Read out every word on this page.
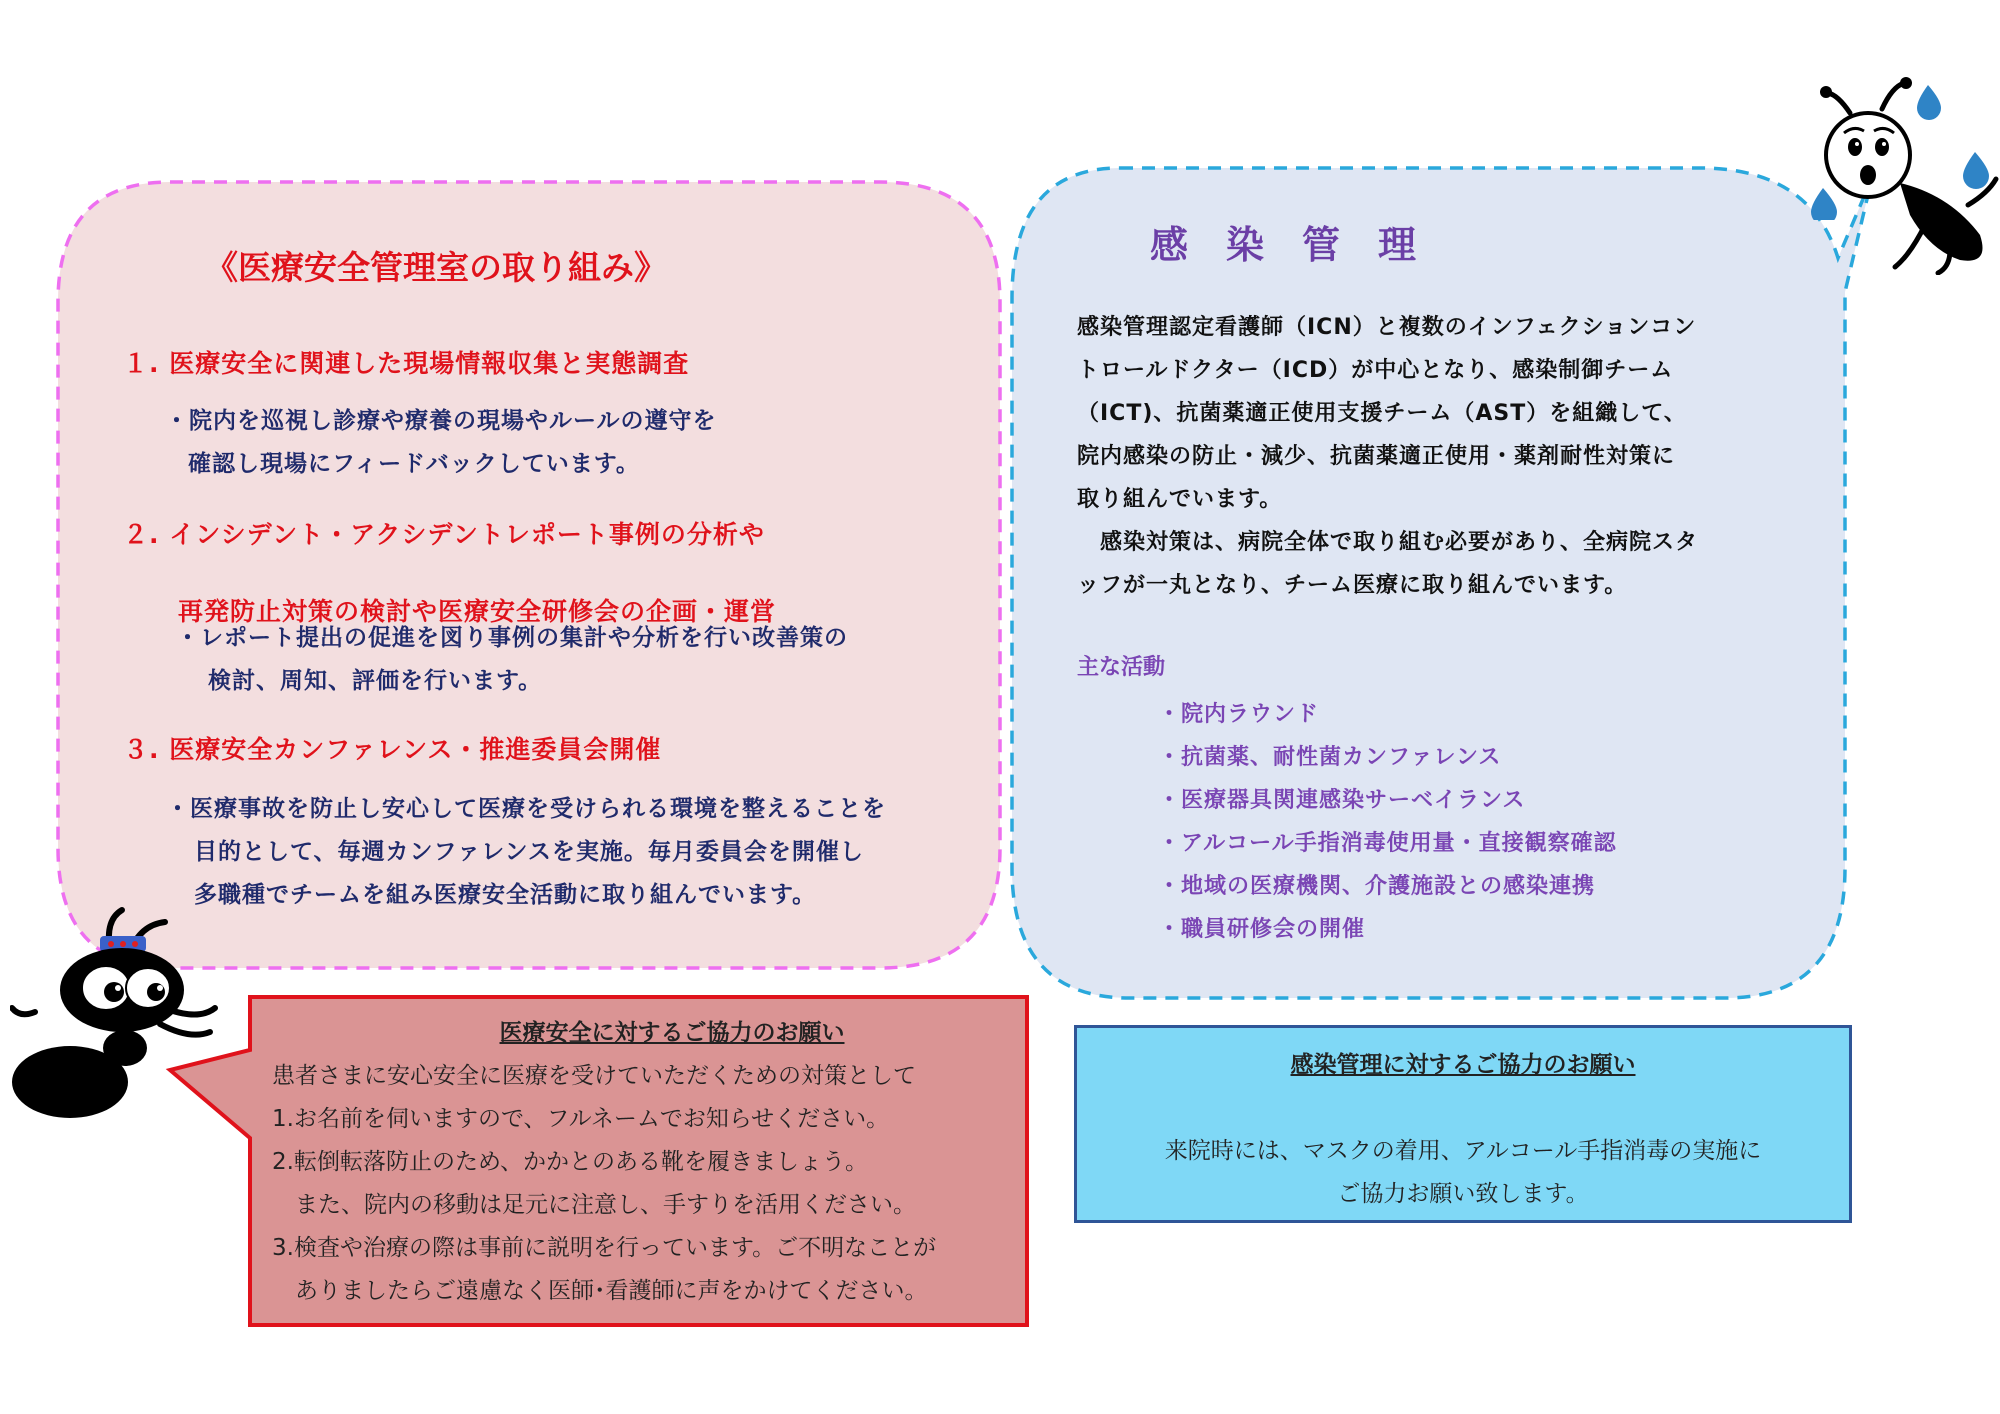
《医療安全管理室の取り組み》
１. 医療安全に関連した現場情報収集と実態調査
・院内を巡視し診療や療養の現場やルールの遵守を
確認し現場にフィードバックしています。
２. インシデント・アクシデントレポート事例の分析や
再発防止対策の検討や医療安全研修会の企画・運営
・レポート提出の促進を図り事例の集計や分析を行い改善策の
検討、周知、評価を行います。
３. 医療安全カンファレンス・推進委員会開催
・医療事故を防止し安心して医療を受けられる環境を整えることを
目的として、毎週カンファレンスを実施。毎月委員会を開催し
多職種でチームを組み医療安全活動に取り組んでいます。
感染管理
感染管理認定看護師（ICN）と複数のインフェクションコン
トロールドクター（ICD）が中心となり、感染制御チーム
（ICT)、抗菌薬適正使用支援チーム（AST）を組織して、
院内感染の防止・減少、抗菌薬適正使用・薬剤耐性対策に
取り組んでいます。
　感染対策は、病院全体で取り組む必要があり、全病院スタ
ッフが一丸となり、チーム医療に取り組んでいます。
主な活動
・院内ラウンド
・抗菌薬、耐性菌カンファレンス
・医療器具関連感染サーベイランス
・アルコール手指消毒使用量・直接観察確認
・地域の医療機関、介護施設との感染連携
・職員研修会の開催
医療安全に対するご協力のお願い
患者さまに安心安全に医療を受けていただくための対策として
1.お名前を伺いますので、フルネームでお知らせください。
2.転倒転落防止のため、かかとのある靴を履きましょう。
　また、院内の移動は足元に注意し、手すりを活用ください。
3.検査や治療の際は事前に説明を行っています。ご不明なことが
　ありましたらご遠慮なく医師･看護師に声をかけてください。
感染管理に対するご協力のお願い
来院時には、マスクの着用、アルコール手指消毒の実施に
ご協力お願い致します。
